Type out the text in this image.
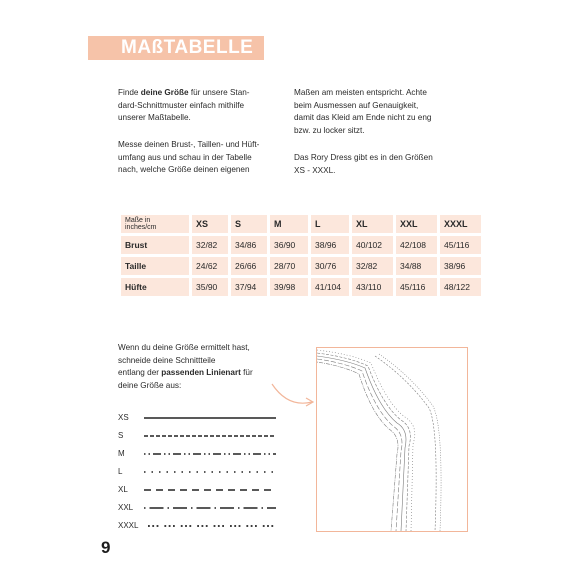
MAßTABELLE
Finde deine Größe für unsere Stan-
dard-Schnittmuster einfach mithilfe
unserer Maßtabelle.
Messe deinen Brust-, Taillen- und Hüft-
umfang aus und schau in der Tabelle
nach, welche Größe deinen eigenen
Maßen am meisten entspricht. Achte
beim Ausmessen auf Genauigkeit,
damit das Kleid am Ende nicht zu eng
bzw. zu locker sitzt.
Das Rory Dress gibt es in den Größen
XS - XXXL.
Maße in
inches/cm	XS	S	M	L	XL	XXL	XXXL
Brust	32/82	34/86	36/90	38/96	40/102	42/108	45/116
Taille	24/62	26/66	28/70	30/76	32/82	34/88	38/96
Hüfte	35/90	37/94	39/98	41/104	43/110	45/116	48/122
Wenn du deine Größe ermittelt hast,
schneide deine Schnittteile
entlang der passenden Linienart für
deine Größe aus:
XS
S
M
L
XL
XXL
XXXL
9
